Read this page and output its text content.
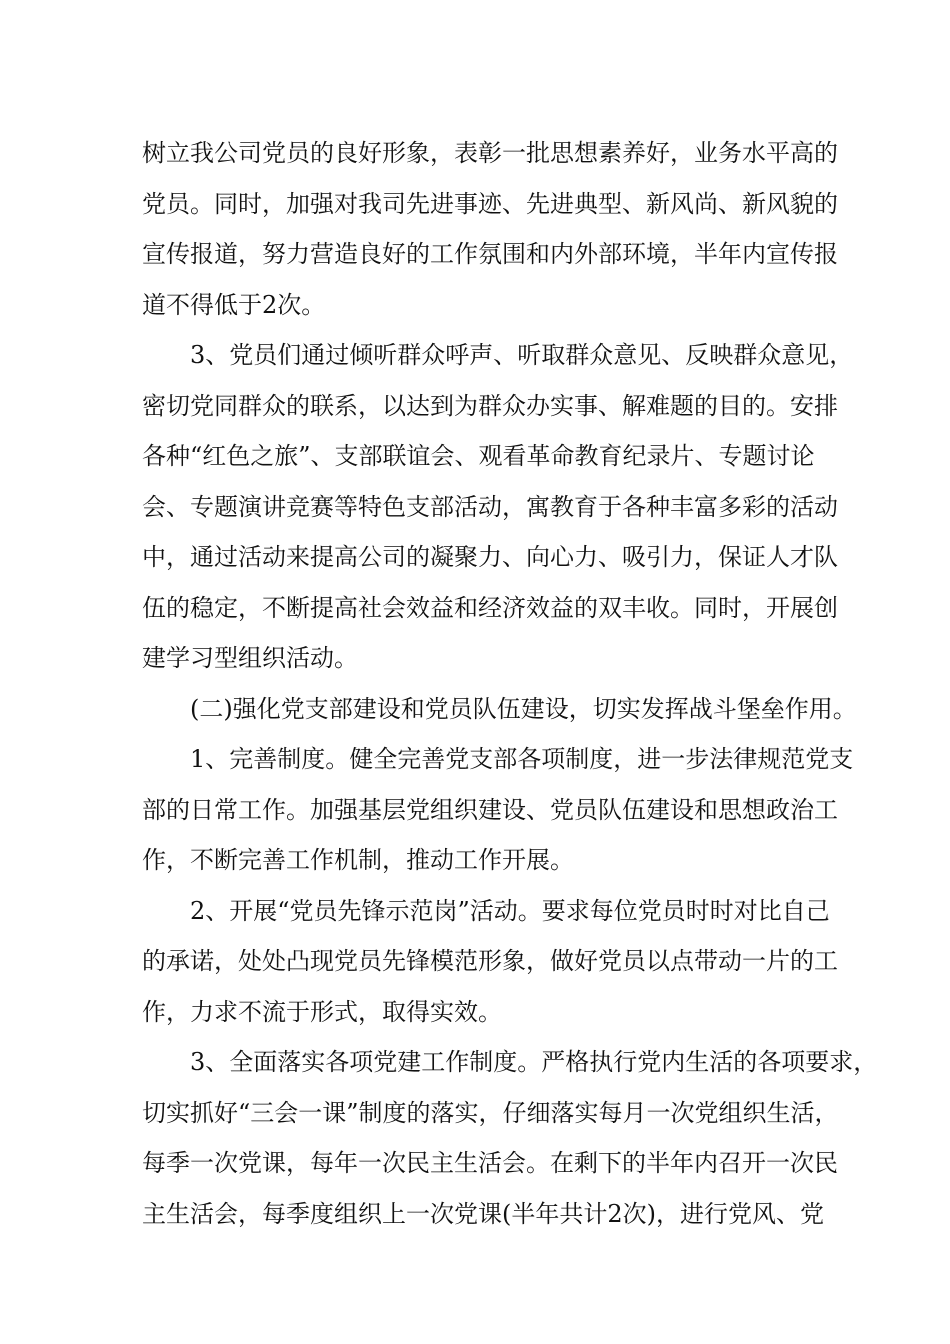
树立我公司党员的良好形象，表彰一批思想素养好，业务水平高的
党员。同时，加强对我司先进事迹、先进典型、新风尚、新风貌的
宣传报道，努力营造良好的工作氛围和内外部环境，半年内宣传报
道不得低于2次。
3、党员们通过倾听群众呼声、听取群众意见、反映群众意见，
密切党同群众的联系，以达到为群众办实事、解难题的目的。安排
各种“红色之旅”、支部联谊会、观看革命教育纪录片、专题讨论
会、专题演讲竞赛等特色支部活动，寓教育于各种丰富多彩的活动
中，通过活动来提高公司的凝聚力、向心力、吸引力，保证人才队
伍的稳定，不断提高社会效益和经济效益的双丰收。同时，开展创
建学习型组织活动。
(二)强化党支部建设和党员队伍建设，切实发挥战斗堡垒作用。
1、完善制度。健全完善党支部各项制度，进一步法律规范党支
部的日常工作。加强基层党组织建设、党员队伍建设和思想政治工
作，不断完善工作机制，推动工作开展。
2、开展“党员先锋示范岗”活动。要求每位党员时时对比自己
的承诺，处处凸现党员先锋模范形象，做好党员以点带动一片的工
作，力求不流于形式，取得实效。
3、全面落实各项党建工作制度。严格执行党内生活的各项要求，
切实抓好“三会一课”制度的落实，仔细落实每月一次党组织生活，
每季一次党课，每年一次民主生活会。在剩下的半年内召开一次民
主生活会，每季度组织上一次党课(半年共计2次)，进行党风、党
